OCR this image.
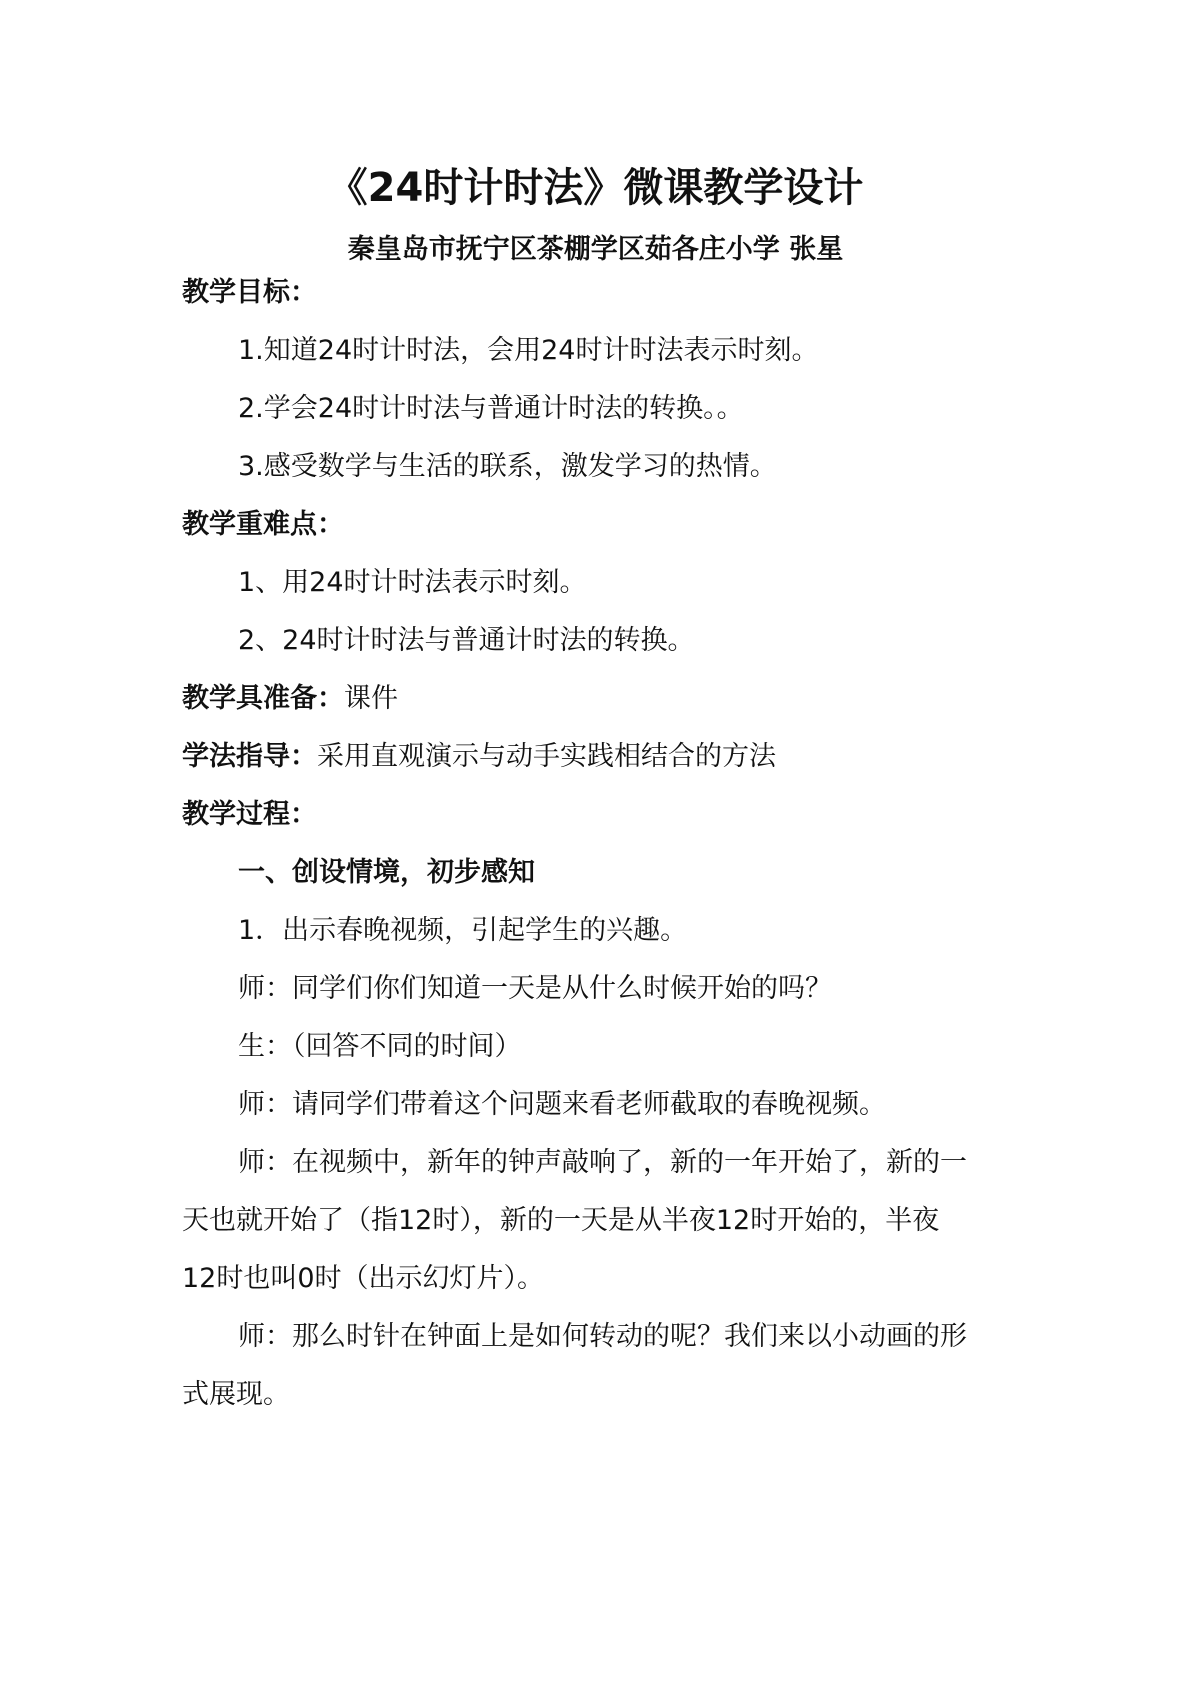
《24时计时法》微课教学设计
秦皇岛市抚宁区茶棚学区茹各庄小学 张星
教学目标：
1.知道24时计时法，会用24时计时法表示时刻。
2.学会24时计时法与普通计时法的转换。。
3.感受数学与生活的联系，激发学习的热情。
教学重难点：
1、用24时计时法表示时刻。
2、24时计时法与普通计时法的转换。
教学具准备：课件
学法指导：采用直观演示与动手实践相结合的方法
教学过程：
一、创设情境，初步感知
1．出示春晚视频，引起学生的兴趣。
师：同学们你们知道一天是从什么时候开始的吗？
生：（回答不同的时间）
师：请同学们带着这个问题来看老师截取的春晚视频。
师：在视频中，新年的钟声敲响了，新的一年开始了，新的一
天也就开始了（指12时），新的一天是从半夜12时开始的，半夜
12时也叫0时（出示幻灯片）。
师：那么时针在钟面上是如何转动的呢？我们来以小动画的形
式展现。
